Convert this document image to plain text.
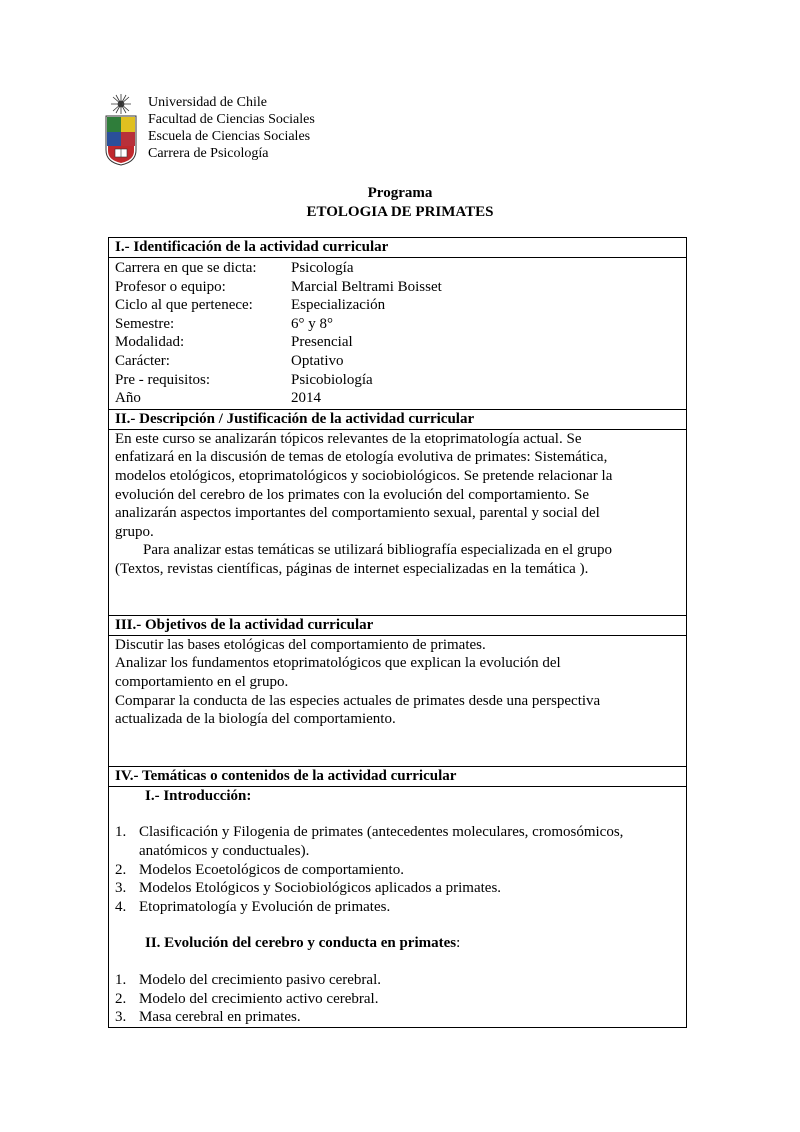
Universidad de Chile
Facultad de Ciencias Sociales
Escuela de Ciencias Sociales
Carrera de Psicología
Programa
ETOLOGIA DE PRIMATES
I.- Identificación de la actividad curricular
Carrera en que se dicta:	Psicología
Profesor o equipo:	Marcial Beltrami Boisset
Ciclo al que pertenece:	Especialización
Semestre:	6° y 8°
Modalidad:	Presencial
Carácter:	Optativo
Pre - requisitos:	Psicobiología
Año	2014
II.- Descripción / Justificación de la actividad curricular

En este curso se analizarán tópicos relevantes de la etoprimatología actual. Se

enfatizará en la discusión de temas de etología evolutiva de primates: Sistemática,

modelos etológicos, etoprimatológicos y sociobiológicos. Se pretende relacionar la

evolución del cerebro de los primates con la evolución del comportamiento. Se

analizarán aspectos importantes del comportamiento sexual, parental y social del

grupo.

Para analizar estas temáticas se utilizará bibliografía especializada en el grupo

(Textos, revistas científicas, páginas de internet especializadas en la temática ).

III.- Objetivos de la actividad curricular

Discutir las bases etológicas del comportamiento de primates.

Analizar los fundamentos etoprimatológicos que explican la evolución del

comportamiento en el grupo.

Comparar la conducta de las especies actuales de primates desde una perspectiva

actualizada de la biología del comportamiento.

IV.- Temáticas o contenidos de la actividad curricular
I.- Introducción:
1. Clasificación y Filogenia de primates (antecedentes moleculares, cromosómicos,
anatómicos y conductuales).
2. Modelos Ecoetológicos de comportamiento.
3. Modelos Etológicos y Sociobiológicos aplicados a primates.
4. Etoprimatología y Evolución de primates.
II. Evolución del cerebro y conducta en primates:
1. Modelo del crecimiento pasivo cerebral.
2. Modelo del crecimiento activo cerebral.
3. Masa cerebral en primates.
